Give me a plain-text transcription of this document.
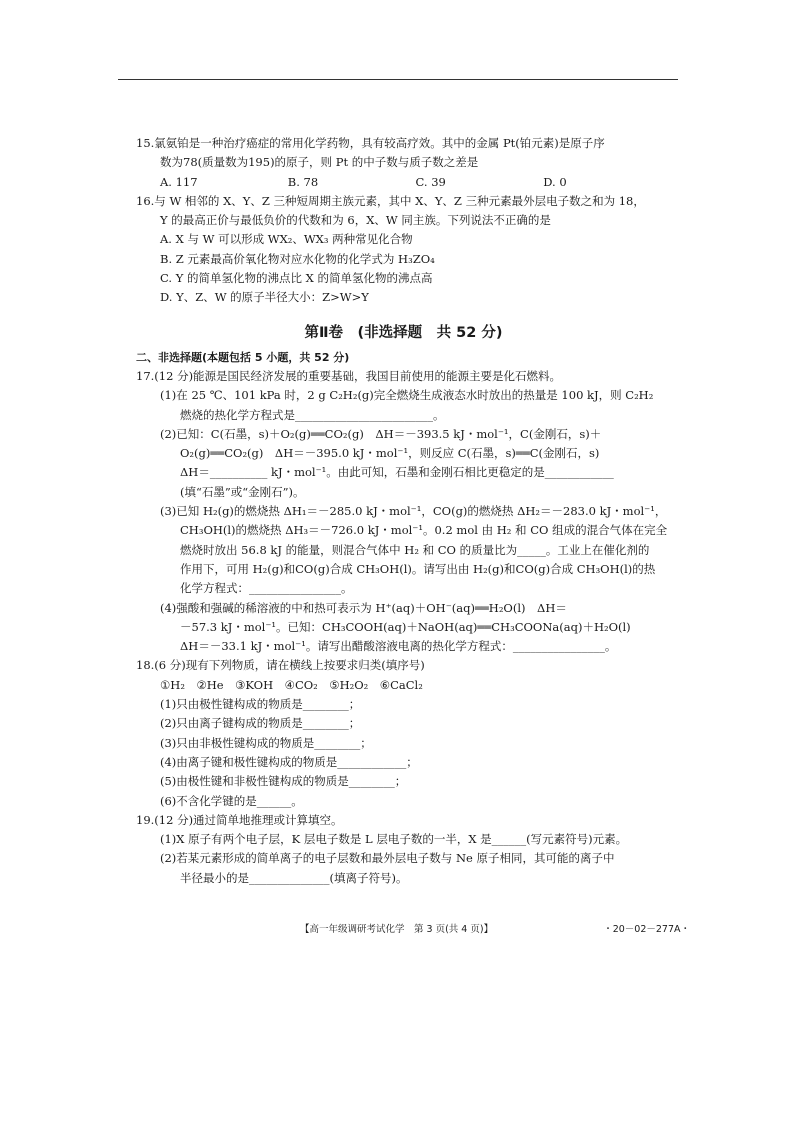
15.氯氨铂是一种治疗癌症的常用化学药物，具有较高疗效。其中的金属 Pt(铂元素)是原子序
数为78(质量数为195)的原子，则 Pt 的中子数与质子数之差是
A. 117	B. 78	C. 39	D. 0
16.与 W 相邻的 X、Y、Z 三种短周期主族元素，其中 X、Y、Z 三种元素最外层电子数之和为 18，
Y 的最高正价与最低负价的代数和为 6，X、W 同主族。下列说法不正确的是
A. X 与 W 可以形成 WX₂、WX₃ 两种常见化合物
B. Z 元素最高价氧化物对应水化物的化学式为 H₃ZO₄
C. Y 的简单氢化物的沸点比 X 的简单氢化物的沸点高
D. Y、Z、W 的原子半径大小：Z>W>Y
第Ⅱ卷　(非选择题　共 52 分)
二、非选择题(本题包括 5 小题，共 52 分)
17.(12 分)能源是国民经济发展的重要基础，我国目前使用的能源主要是化石燃料。
(1)在 25 ℃、101 kPa 时，2 g C₂H₂(g)完全燃烧生成液态水时放出的热量是 100 kJ，则 C₂H₂
燃烧的热化学方程式是________________________。
(2)已知：C(石墨，s)＋O₂(g)══CO₂(g)　ΔH＝－393.5 kJ・mol⁻¹，C(金刚石，s)＋
O₂(g)══CO₂(g)　ΔH＝－395.0 kJ・mol⁻¹，则反应 C(石墨，s)══C(金刚石，s)
ΔH＝__________ kJ・mol⁻¹。由此可知，石墨和金刚石相比更稳定的是____________
(填“石墨”或“金刚石”)。
(3)已知 H₂(g)的燃烧热 ΔH₁＝－285.0 kJ・mol⁻¹，CO(g)的燃烧热 ΔH₂＝－283.0 kJ・mol⁻¹，
CH₃OH(l)的燃烧热 ΔH₃＝－726.0 kJ・mol⁻¹。0.2 mol 由 H₂ 和 CO 组成的混合气体在完全
燃烧时放出 56.8 kJ 的能量，则混合气体中 H₂ 和 CO 的质量比为_____。工业上在催化剂的
作用下，可用 H₂(g)和CO(g)合成 CH₃OH(l)。请写出由 H₂(g)和CO(g)合成 CH₃OH(l)的热
化学方程式：________________。
(4)强酸和强碱的稀溶液的中和热可表示为 H⁺(aq)＋OH⁻(aq)══H₂O(l)　ΔH＝
－57.3 kJ・mol⁻¹。已知：CH₃COOH(aq)＋NaOH(aq)══CH₃COONa(aq)＋H₂O(l)
ΔH＝－33.1 kJ・mol⁻¹。请写出醋酸溶液电离的热化学方程式：________________。
18.(6 分)现有下列物质，请在横线上按要求归类(填序号)
①H₂　②He　③KOH　④CO₂　⑤H₂O₂　⑥CaCl₂
(1)只由极性键构成的物质是________；
(2)只由离子键构成的物质是________；
(3)只由非极性键构成的物质是________；
(4)由离子键和极性键构成的物质是____________；
(5)由极性键和非极性键构成的物质是________；
(6)不含化学键的是______。
19.(12 分)通过简单地推理或计算填空。
(1)X 原子有两个电子层，K 层电子数是 L 层电子数的一半，X 是______(写元素符号)元素。
(2)若某元素形成的简单离子的电子层数和最外层电子数与 Ne 原子相同，其可能的离子中
半径最小的是______________(填离子符号)。
【高一年级调研考试化学　第 3 页(共 4 页)】	・20－02－277A・
